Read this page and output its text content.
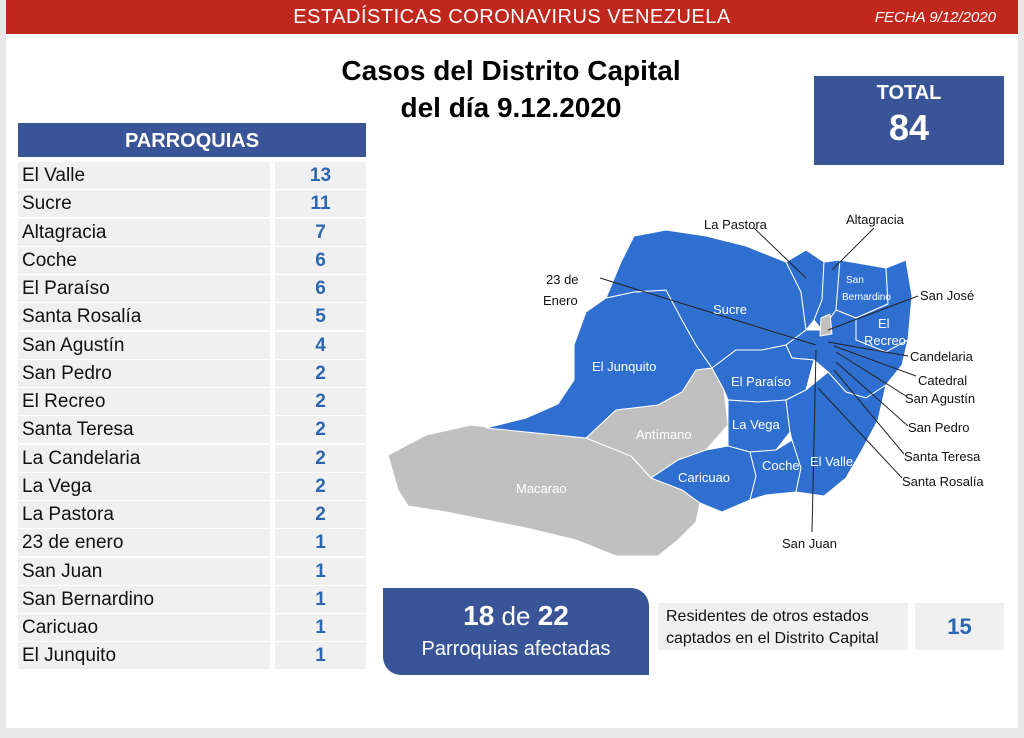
ESTADÍSTICAS CORONAVIRUS VENEZUELA	FECHA 9/12/2020
Casos del Distrito Capital
del día 9.12.2020	TOTAL
84
PARROQUIAS
El Valle	13
Sucre	11
Altagracia	7
Coche	6
El Paraíso	6
Santa Rosalía	5
San Agustín	4
San Pedro	2
El Recreo	2
Santa Teresa	2
La Candelaria	2
La Vega	2
La Pastora	2
23 de enero	1
San Juan	1
San Bernardino	1
Caricuao	1
El Junquito	1
18 de 22
Parroquias afectadas
Residentes de otros estados
captados en el Distrito Capital	15
La Pastora	Altagracia
23 de
Enero	San José
Candelaria
Catedral
San Agustín
San Pedro
Santa Teresa
Santa Rosalía
San Juan
Sucre
El Junquito
El Paraíso
La Vega
Caricuao
Coche El Valle
San
Bernardino
El
Recreo
Antímano
Macarao
